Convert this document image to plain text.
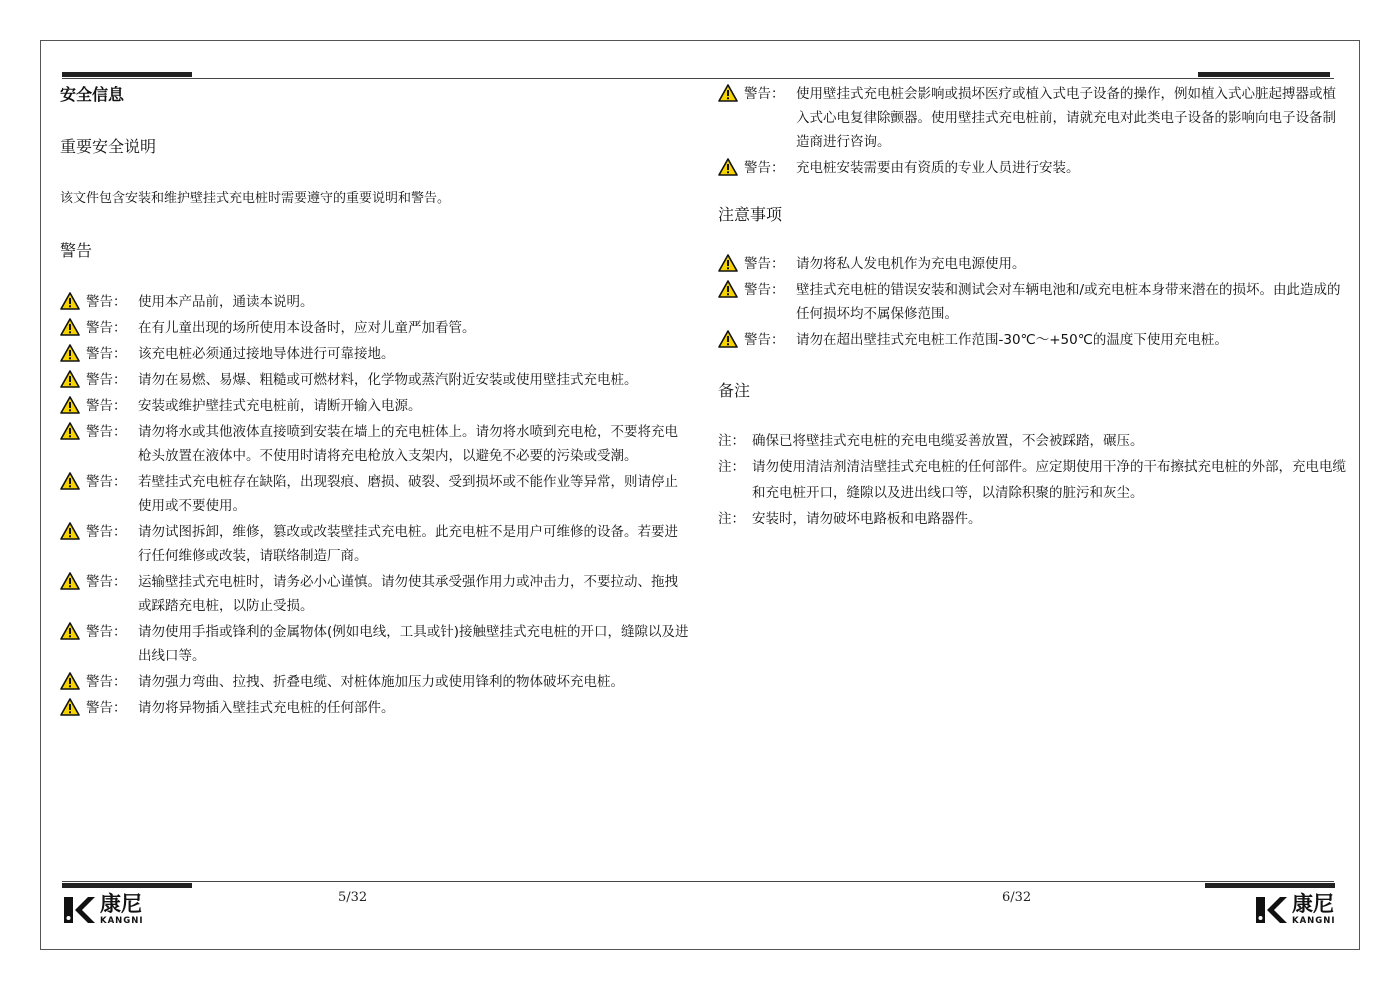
安全信息
重要安全说明

该文件包含安装和维护壁挂式充电桩时需要遵守的重要说明和警告。

警告
警告： 使用本产品前，通读本说明。
警告： 在有儿童出现的场所使用本设备时，应对儿童严加看管。
警告： 该充电桩必须通过接地导体进行可靠接地。
警告： 请勿在易燃、易爆、粗糙或可燃材料，化学物或蒸汽附近安装或使用壁挂式充电桩。
警告： 安装或维护壁挂式充电桩前，请断开输入电源。
警告： 请勿将水或其他液体直接喷到安装在墙上的充电桩体上。请勿将水喷到充电枪，不要将充电枪头放置在液体中。不使用时请将充电枪放入支架内，以避免不必要的污染或受潮。
警告： 若壁挂式充电桩存在缺陷，出现裂痕、磨损、破裂、受到损坏或不能作业等异常，则请停止使用或不要使用。
警告： 请勿试图拆卸，维修，篡改或改装壁挂式充电桩。此充电桩不是用户可维修的设备。若要进行任何维修或改装，请联络制造厂商。
警告： 运输壁挂式充电桩时，请务必小心谨慎。请勿使其承受强作用力或冲击力，不要拉动、拖拽或踩踏充电桩，以防止受损。
警告： 请勿使用手指或锋利的金属物体(例如电线，工具或针)接触壁挂式充电桩的开口，缝隙以及进出线口等。
警告： 请勿强力弯曲、拉拽、折叠电缆、对桩体施加压力或使用锋利的物体破坏充电桩。
警告： 请勿将异物插入壁挂式充电桩的任何部件。
警告： 使用壁挂式充电桩会影响或损坏医疗或植入式电子设备的操作，例如植入式心脏起搏器或植入式心电复律除颤器。使用壁挂式充电桩前，请就充电对此类电子设备的影响向电子设备制造商进行咨询。
警告： 充电桩安装需要由有资质的专业人员进行安装。
注意事项
警告： 请勿将私人发电机作为充电电源使用。
警告： 壁挂式充电桩的错误安装和测试会对车辆电池和/或充电桩本身带来潜在的损坏。由此造成的任何损坏均不属保修范围。
警告： 请勿在超出壁挂式充电桩工作范围-30℃～+50℃的温度下使用充电桩。
备注
注： 确保已将壁挂式充电桩的充电电缆妥善放置，不会被踩踏，碾压。
注： 请勿使用清洁剂清洁壁挂式充电桩的任何部件。应定期使用干净的干布擦拭充电桩的外部，充电电缆和充电桩开口，缝隙以及进出线口等，以清除积聚的脏污和灰尘。
注： 安装时，请勿破坏电路板和电路器件。
5/32	6/32
康尼
KANGNI
康尼
KANGNI
